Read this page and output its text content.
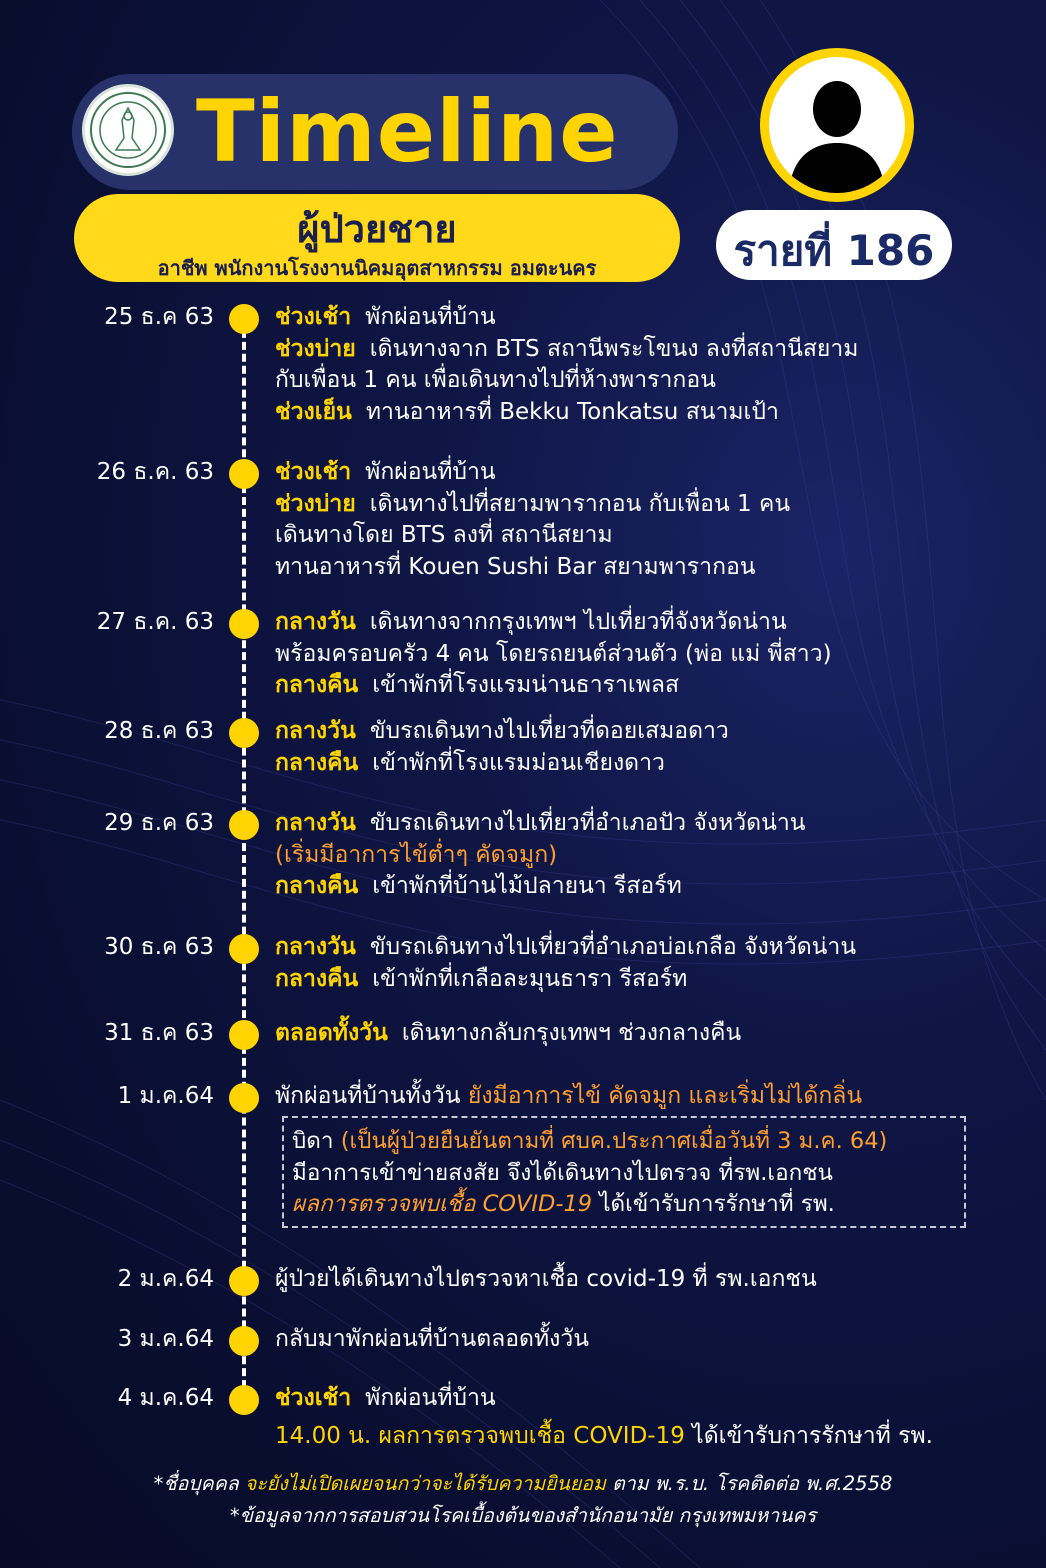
Timeline
ผู้ป่วยชาย
อาชีพ พนักงานโรงงานนิคมอุตสาหกรรม อมตะนคร	รายที่ 186
25 ธ.ค 63	ช่วงเช้า พักผ่อนที่บ้าน
ช่วงบ่าย เดินทางจาก BTS สถานีพระโขนง ลงที่สถานีสยาม
กับเพื่อน 1 คน เพื่อเดินทางไปที่ห้างพารากอน
ช่วงเย็น ทานอาหารที่ Bekku Tonkatsu สนามเป้า
26 ธ.ค. 63	ช่วงเช้า พักผ่อนที่บ้าน
ช่วงบ่าย เดินทางไปที่สยามพารากอน กับเพื่อน 1 คน
เดินทางโดย BTS ลงที่ สถานีสยาม
ทานอาหารที่ Kouen Sushi Bar สยามพารากอน
27 ธ.ค. 63	กลางวัน เดินทางจากกรุงเทพฯ ไปเที่ยวที่จังหวัดน่าน
พร้อมครอบครัว 4 คน โดยรถยนต์ส่วนตัว (พ่อ แม่ พี่สาว)
กลางคืน เข้าพักที่โรงแรมน่านธาราเพลส
28 ธ.ค 63	กลางวัน ขับรถเดินทางไปเที่ยวที่ดอยเสมอดาว
กลางคืน เข้าพักที่โรงแรมม่อนเชียงดาว
29 ธ.ค 63	กลางวัน ขับรถเดินทางไปเที่ยวที่อำเภอปัว จังหวัดน่าน
(เริ่มมีอาการไข้ต่ำๆ คัดจมูก)
กลางคืน เข้าพักที่บ้านไม้ปลายนา รีสอร์ท
30 ธ.ค 63	กลางวัน ขับรถเดินทางไปเที่ยวที่อำเภอบ่อเกลือ จังหวัดน่าน
กลางคืน เข้าพักที่เกลือละมุนธารา รีสอร์ท
31 ธ.ค 63	ตลอดทั้งวัน เดินทางกลับกรุงเทพฯ ช่วงกลางคืน
1 ม.ค.64	พักผ่อนที่บ้านทั้งวัน ยังมีอาการไข้ คัดจมูก และเริ่มไม่ได้กลิ่น
บิดา (เป็นผู้ป่วยยืนยันตามที่ ศบค.ประกาศเมื่อวันที่ 3 ม.ค. 64)
มีอาการเข้าข่ายสงสัย จึงได้เดินทางไปตรวจ ที่รพ.เอกชน
ผลการตรวจพบเชื้อ COVID-19 ได้เข้ารับการรักษาที่ รพ.
2 ม.ค.64	ผู้ป่วยได้เดินทางไปตรวจหาเชื้อ covid-19 ที่ รพ.เอกชน
3 ม.ค.64	กลับมาพักผ่อนที่บ้านตลอดทั้งวัน
4 ม.ค.64	ช่วงเช้า พักผ่อนที่บ้าน
14.00 น. ผลการตรวจพบเชื้อ COVID-19 ได้เข้ารับการรักษาที่ รพ.
*ชื่อบุคคล จะยังไม่เปิดเผยจนกว่าจะได้รับความยินยอม ตาม พ.ร.บ. โรคติดต่อ พ.ศ.2558
*ข้อมูลจากการสอบสวนโรคเบื้องต้นของสำนักอนามัย กรุงเทพมหานคร
